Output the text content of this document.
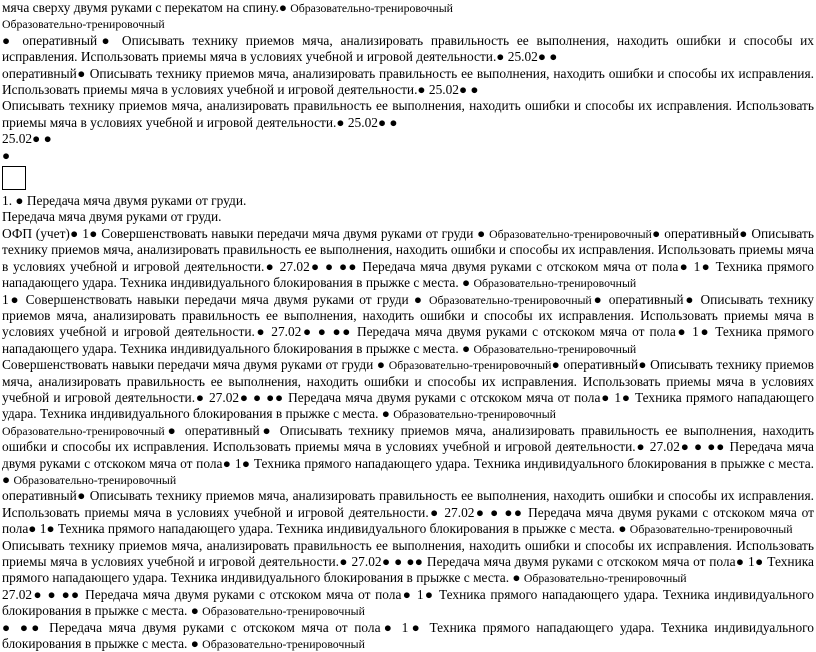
мяча сверху двумя руками с перекатом на спину.● Образовательно-тренировочный

Образовательно-тренировочный

● оперативный● Описывать технику приемов мяча, анализировать правильность ее выполнения, находить ошибки и способы их исправления. Использовать приемы мяча в условиях учебной и игровой деятельности.● 25.02● ●

оперативный● Описывать технику приемов мяча, анализировать правильность ее выполнения, находить ошибки и способы их исправления. Использовать приемы мяча в условиях учебной и игровой деятельности.● 25.02● ●

Описывать технику приемов мяча, анализировать правильность ее выполнения, находить ошибки и способы их исправления. Использовать приемы мяча в условиях учебной и игровой деятельности.● 25.02● ●

25.02● ●

●

1. ● Передача мяча двумя руками от груди.

Передача мяча двумя руками от груди.

ОФП (учет)● 1● Совершенствовать навыки передачи мяча двумя руками от груди ● Образовательно-тренировочный● оперативный● Описывать технику приемов мяча, анализировать правильность ее выполнения, находить ошибки и способы их исправления. Использовать приемы мяча в условиях учебной и игровой деятельности.● 27.02● ● ●● Передача мяча двумя руками с отскоком мяча от пола● 1● Техника прямого нападающего удара. Техника индивидуального блокирования в прыжке с места. ● Образовательно-тренировочный

1● Совершенствовать навыки передачи мяча двумя руками от груди ● Образовательно-тренировочный● оперативный● Описывать технику приемов мяча, анализировать правильность ее выполнения, находить ошибки и способы их исправления. Использовать приемы мяча в условиях учебной и игровой деятельности.● 27.02● ● ●● Передача мяча двумя руками с отскоком мяча от пола● 1● Техника прямого нападающего удара. Техника индивидуального блокирования в прыжке с места. ● Образовательно-тренировочный

Совершенствовать навыки передачи мяча двумя руками от груди ● Образовательно-тренировочный● оперативный● Описывать технику приемов мяча, анализировать правильность ее выполнения, находить ошибки и способы их исправления. Использовать приемы мяча в условиях учебной и игровой деятельности.● 27.02● ● ●● Передача мяча двумя руками с отскоком мяча от пола● 1● Техника прямого нападающего удара. Техника индивидуального блокирования в прыжке с места. ● Образовательно-тренировочный

Образовательно-тренировочный● оперативный● Описывать технику приемов мяча, анализировать правильность ее выполнения, находить ошибки и способы их исправления. Использовать приемы мяча в условиях учебной и игровой деятельности.● 27.02● ● ●● Передача мяча двумя руками с отскоком мяча от пола● 1● Техника прямого нападающего удара. Техника индивидуального блокирования в прыжке с места. ● Образовательно-тренировочный

оперативный● Описывать технику приемов мяча, анализировать правильность ее выполнения, находить ошибки и способы их исправления. Использовать приемы мяча в условиях учебной и игровой деятельности.● 27.02● ● ●● Передача мяча двумя руками с отскоком мяча от пола● 1● Техника прямого нападающего удара. Техника индивидуального блокирования в прыжке с места. ● Образовательно-тренировочный

Описывать технику приемов мяча, анализировать правильность ее выполнения, находить ошибки и способы их исправления. Использовать приемы мяча в условиях учебной и игровой деятельности.● 27.02● ● ●● Передача мяча двумя руками с отскоком мяча от пола● 1● Техника прямого нападающего удара. Техника индивидуального блокирования в прыжке с места. ● Образовательно-тренировочный

27.02● ● ●● Передача мяча двумя руками с отскоком мяча от пола● 1● Техника прямого нападающего удара. Техника индивидуального блокирования в прыжке с места. ● Образовательно-тренировочный

● ●● Передача мяча двумя руками с отскоком мяча от пола● 1● Техника прямого нападающего удара. Техника индивидуального блокирования в прыжке с места. ● Образовательно-тренировочный
